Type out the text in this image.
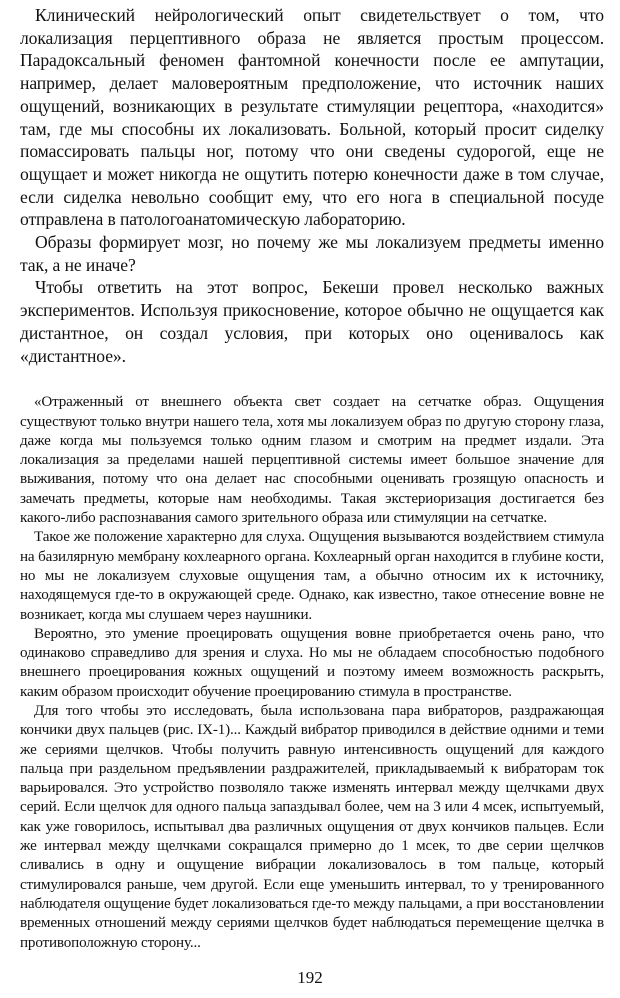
Клинический нейрологический опыт свидетельствует о том, что локализация перцептивного образа не является простым процессом. Парадоксальный феномен фантомной конечности после ее ампутации, например, делает маловероятным предположение, что источник наших ощущений, возникающих в результате стимуляции рецептора, «находится» там, где мы способны их локализовать. Больной, который просит сиделку помассировать пальцы ног, потому что они сведены судорогой, еще не ощущает и может никогда не ощутить потерю конечности даже в том случае, если сиделка невольно сообщит ему, что его нога в специальной посуде отправлена в патологоанатомическую лабораторию.

Образы формирует мозг, но почему же мы локализуем предметы именно так, а не иначе?

Чтобы ответить на этот вопрос, Бекеши провел несколько важных экспериментов. Используя прикосновение, которое обычно не ощущается как дистантное, он создал условия, при которых оно оценивалось как «дистантное».

«Отраженный от внешнего объекта свет создает на сетчатке образ. Ощущения существуют только внутри нашего тела, хотя мы локализуем образ по другую сторону глаза, даже когда мы пользуемся только одним глазом и смотрим на предмет издали. Эта локализация за пределами нашей перцептивной системы имеет большое значение для выживания, потому что она делает нас способными оценивать грозящую опасность и замечать предметы, которые нам необходимы. Такая экстериоризация достигается без какого-либо распознавания самого зрительного образа или стимуляции на сетчатке.

Такое же положение характерно для слуха. Ощущения вызываются воздействием стимула на базилярную мембрану кохлеарного органа. Кохлеарный орган находится в глубине кости, но мы не локализуем слуховые ощущения там, а обычно относим их к источнику, находящемуся где-то в окружающей среде. Однако, как известно, такое отнесение вовне не возникает, когда мы слушаем через наушники.

Вероятно, это умение проецировать ощущения вовне приобретается очень рано, что одинаково справедливо для зрения и слуха. Но мы не обладаем способностью подобного внешнего проецирования кожных ощущений и поэтому имеем возможность раскрыть, каким образом происходит обучение проецированию стимула в пространстве.

Для того чтобы это исследовать, была использована пара вибраторов, раздражающая кончики двух пальцев (рис. IX-1)... Каждый вибратор приводился в действие одними и теми же сериями щелчков. Чтобы получить равную интенсивность ощущений для каждого пальца при раздельном предъявлении раздражителей, прикладываемый к вибраторам ток варьировался. Это устройство позволяло также изменять интервал между щелчками двух серий. Если щелчок для одного пальца запаздывал более, чем на 3 или 4 мсек, испытуемый, как уже говорилось, испытывал два различных ощущения от двух кончиков пальцев. Если же интервал между щелчками сокращался примерно до 1 мсек, то две серии щелчков сливались в одну и ощущение вибрации локализовалось в том пальце, который стимулировался раньше, чем другой. Если еще уменьшить интервал, то у тренированного наблюдателя ощущение будет локализоваться где-то между пальцами, а при восстановлении временных отношений между сериями щелчков будет наблюдаться перемещение щелчка в противоположную сторону...

192
